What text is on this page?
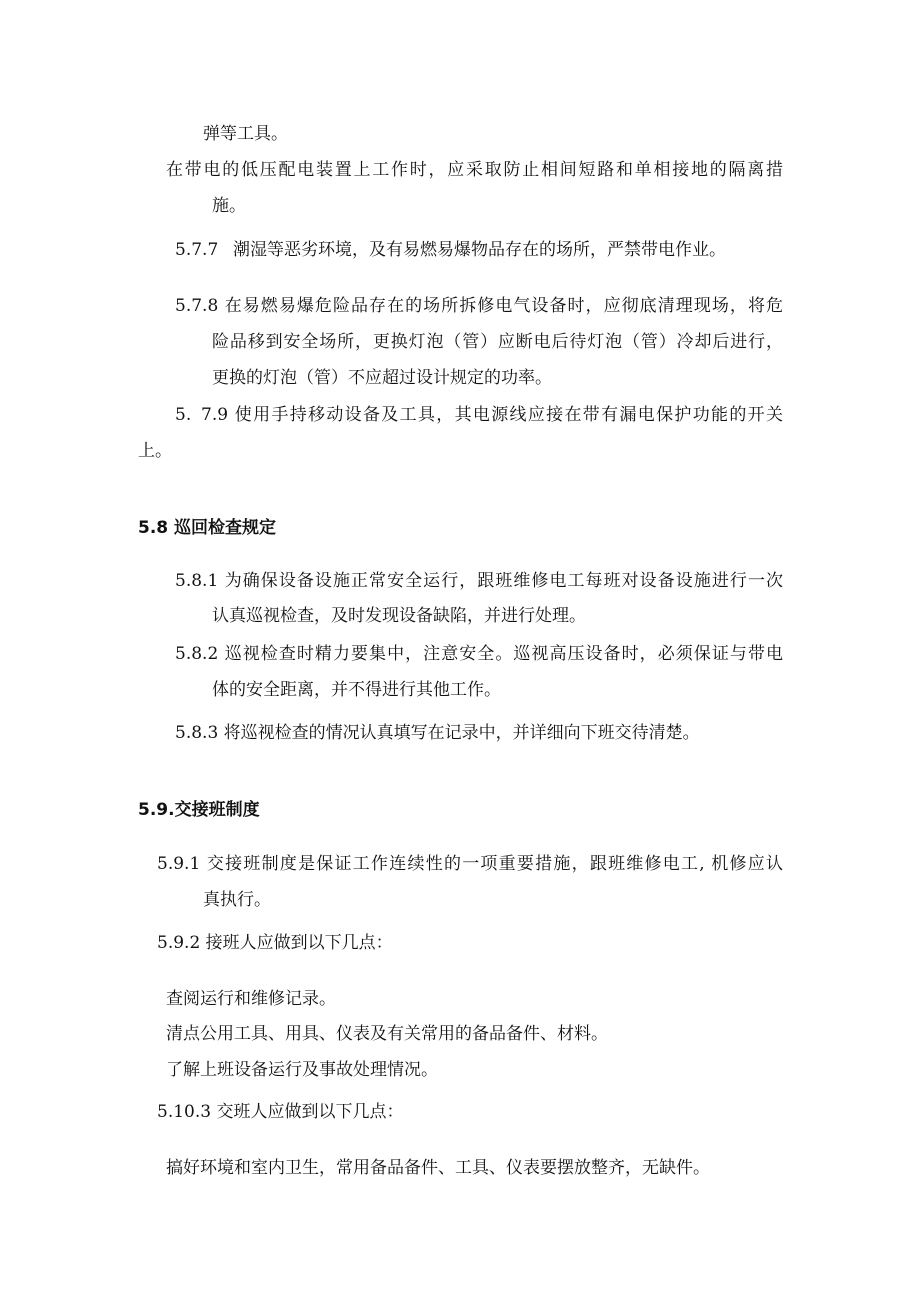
弹等工具。
在带电的低压配电装置上工作时，应采取防止相间短路和单相接地的隔离措
施。
5.7.7 潮湿等恶劣环境，及有易燃易爆物品存在的场所，严禁带电作业。
5.7.8 在易燃易爆危险品存在的场所拆修电气设备时，应彻底清理现场，将危
险品移到安全场所，更换灯泡（管）应断电后待灯泡（管）冷却后进行，
更换的灯泡（管）不应超过设计规定的功率。
5. 7.9 使用手持移动设备及工具，其电源线应接在带有漏电保护功能的开关
上。
5.8 巡回检查规定
5.8.1 为确保设备设施正常安全运行，跟班维修电工每班对设备设施进行一次
认真巡视检查，及时发现设备缺陷，并进行处理。
5.8.2 巡视检查时精力要集中，注意安全。巡视高压设备时，必须保证与带电
体的安全距离，并不得进行其他工作。
5.8.3 将巡视检查的情况认真填写在记录中，并详细向下班交待清楚。
5.9.交接班制度
5.9.1 交接班制度是保证工作连续性的一项重要措施，跟班维修电工, 机修应认
真执行。
5.9.2 接班人应做到以下几点：
查阅运行和维修记录。
清点公用工具、用具、仪表及有关常用的备品备件、材料。
了解上班设备运行及事故处理情况。
5.10.3 交班人应做到以下几点：
搞好环境和室内卫生，常用备品备件、工具、仪表要摆放整齐，无缺件。
